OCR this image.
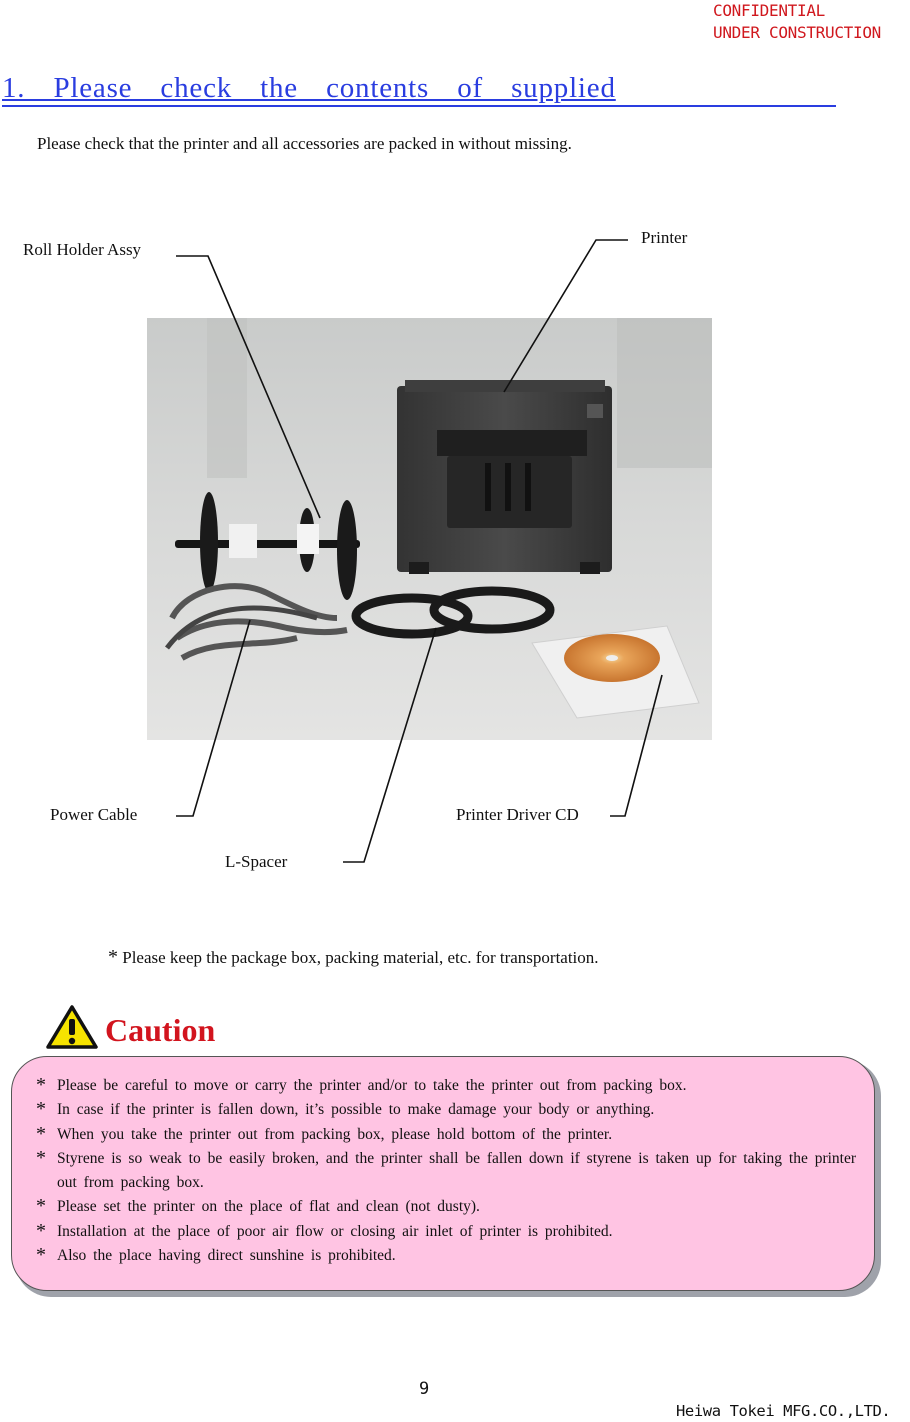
CONFIDENTIAL
UNDER CONSTRUCTION
1.  Please  check  the  contents  of  supplied
Please check that the printer and all accessories are packed in without missing.
Roll Holder Assy
Printer
Power Cable	Printer Driver CD
L-Spacer
* Please keep the package box, packing material, etc. for transportation.
Caution
* Please be careful to move or carry the printer and/or to take the printer out from packing box.
* In case if the printer is fallen down, it’s possible to make damage your body or anything.
* When you take the printer out from packing box, please hold bottom of the printer.
* Styrene is so weak to be easily broken, and the printer shall be fallen down if styrene is taken up for taking the printer out from packing box.
* Please set the printer on the place of flat and clean (not dusty).
* Installation at the place of poor air flow or closing air inlet of printer is prohibited.
* Also the place having direct sunshine is prohibited.
9
Heiwa Tokei MFG.CO.,LTD.
